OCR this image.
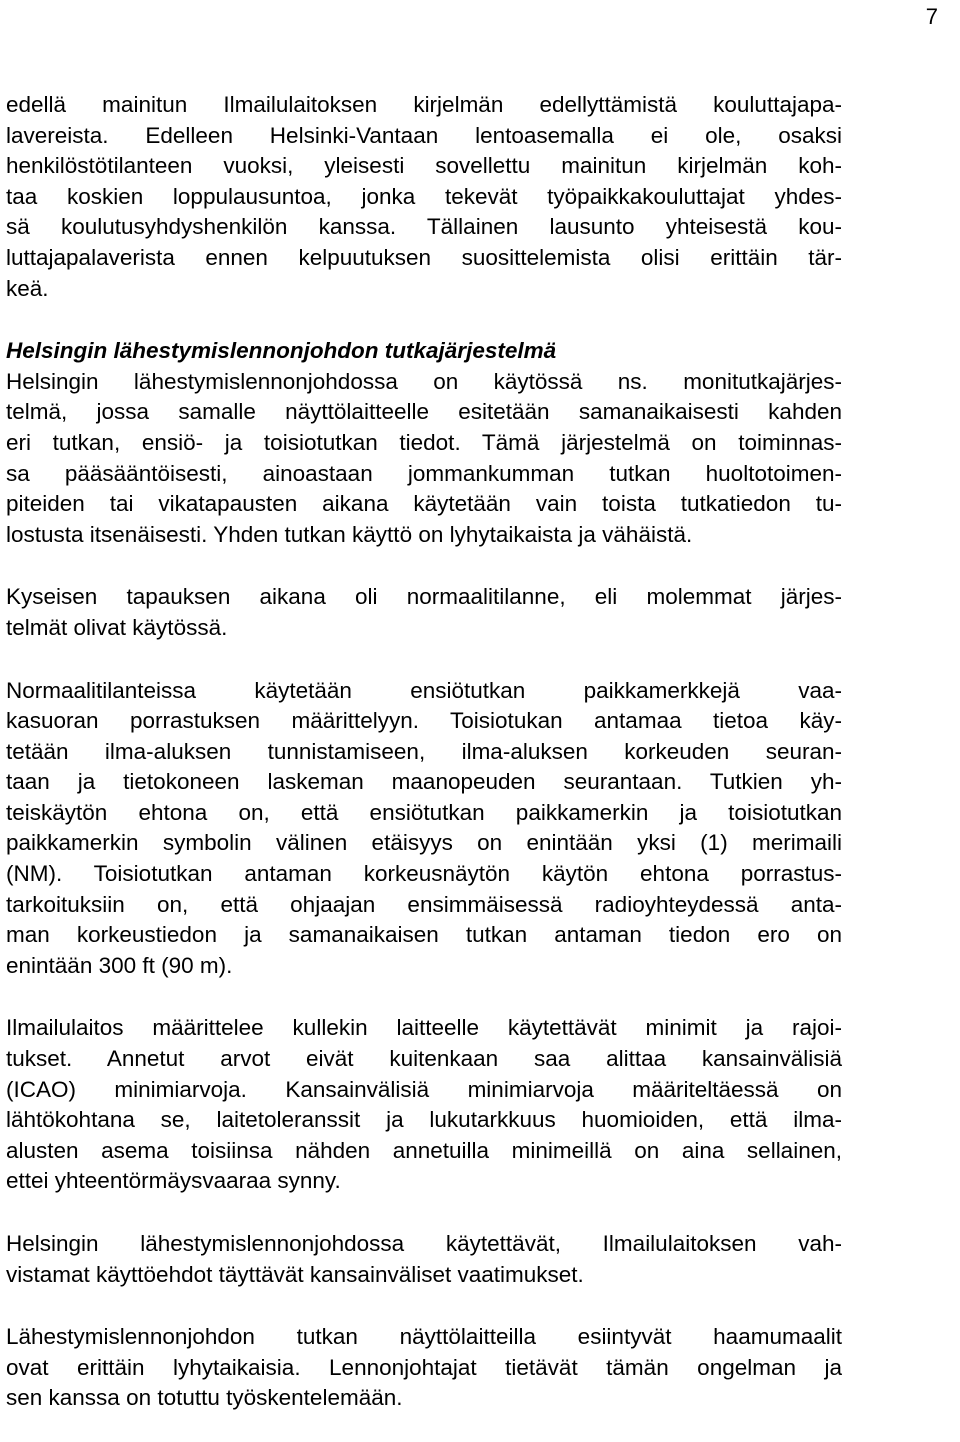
7
edellä mainitun Ilmailulaitoksen kirjelmän edellyttämistä kouluttajapa-
lavereista. Edelleen Helsinki-Vantaan lentoasemalla ei ole, osaksi
henkilöstötilanteen vuoksi, yleisesti sovellettu mainitun kirjelmän koh-
taa koskien loppulausuntoa, jonka tekevät työpaikkakouluttajat yhdes-
sä koulutusyhdyshenkilön kanssa. Tällainen lausunto yhteisestä kou-
luttajapalaverista ennen kelpuutuksen suosittelemista olisi erittäin tär-
keä.
Helsingin lähestymislennonjohdon tutkajärjestelmä
Helsingin lähestymislennonjohdossa on käytössä ns. monitutkajärjes-
telmä, jossa samalle näyttölaitteelle esitetään samanaikaisesti kahden
eri tutkan, ensiö- ja toisiotutkan tiedot. Tämä järjestelmä on toiminnas-
sa pääsääntöisesti, ainoastaan jommankumman tutkan huoltotoimen-
piteiden tai vikatapausten aikana käytetään vain toista tutkatiedon tu-
lostusta itsenäisesti. Yhden tutkan käyttö on lyhytaikaista ja vähäistä.
Kyseisen tapauksen aikana oli normaalitilanne, eli molemmat järjes-
telmät olivat käytössä.
Normaalitilanteissa käytetään ensiötutkan paikkamerkkejä vaa-
kasuoran porrastuksen määrittelyyn. Toisiotukan antamaa tietoa käy-
tetään ilma-aluksen tunnistamiseen, ilma-aluksen korkeuden seuran-
taan ja tietokoneen laskeman maanopeuden seurantaan. Tutkien yh-
teiskäytön ehtona on, että ensiötutkan paikkamerkin ja toisiotutkan
paikkamerkin symbolin välinen etäisyys on enintään yksi (1) merimaili
(NM). Toisiotutkan antaman korkeusnäytön käytön ehtona porrastus-
tarkoituksiin on, että ohjaajan ensimmäisessä radioyhteydessä anta-
man korkeustiedon ja samanaikaisen tutkan antaman tiedon ero on
enintään 300 ft (90 m).
Ilmailulaitos määrittelee kullekin laitteelle käytettävät minimit ja rajoi-
tukset. Annetut arvot eivät kuitenkaan saa alittaa kansainvälisiä
(ICAO) minimiarvoja. Kansainvälisiä minimiarvoja määriteltäessä on
lähtökohtana se, laitetoleranssit ja lukutarkkuus huomioiden, että ilma-
alusten asema toisiinsa nähden annetuilla minimeillä on aina sellainen,
ettei yhteentörmäysvaaraa synny.
Helsingin lähestymislennonjohdossa käytettävät, Ilmailulaitoksen vah-
vistamat käyttöehdot täyttävät kansainväliset vaatimukset.
Lähestymislennonjohdon tutkan näyttölaitteilla esiintyvät haamumaalit
ovat erittäin lyhytaikaisia. Lennonjohtajat tietävät tämän ongelman ja
sen kanssa on totuttu työskentelemään.
